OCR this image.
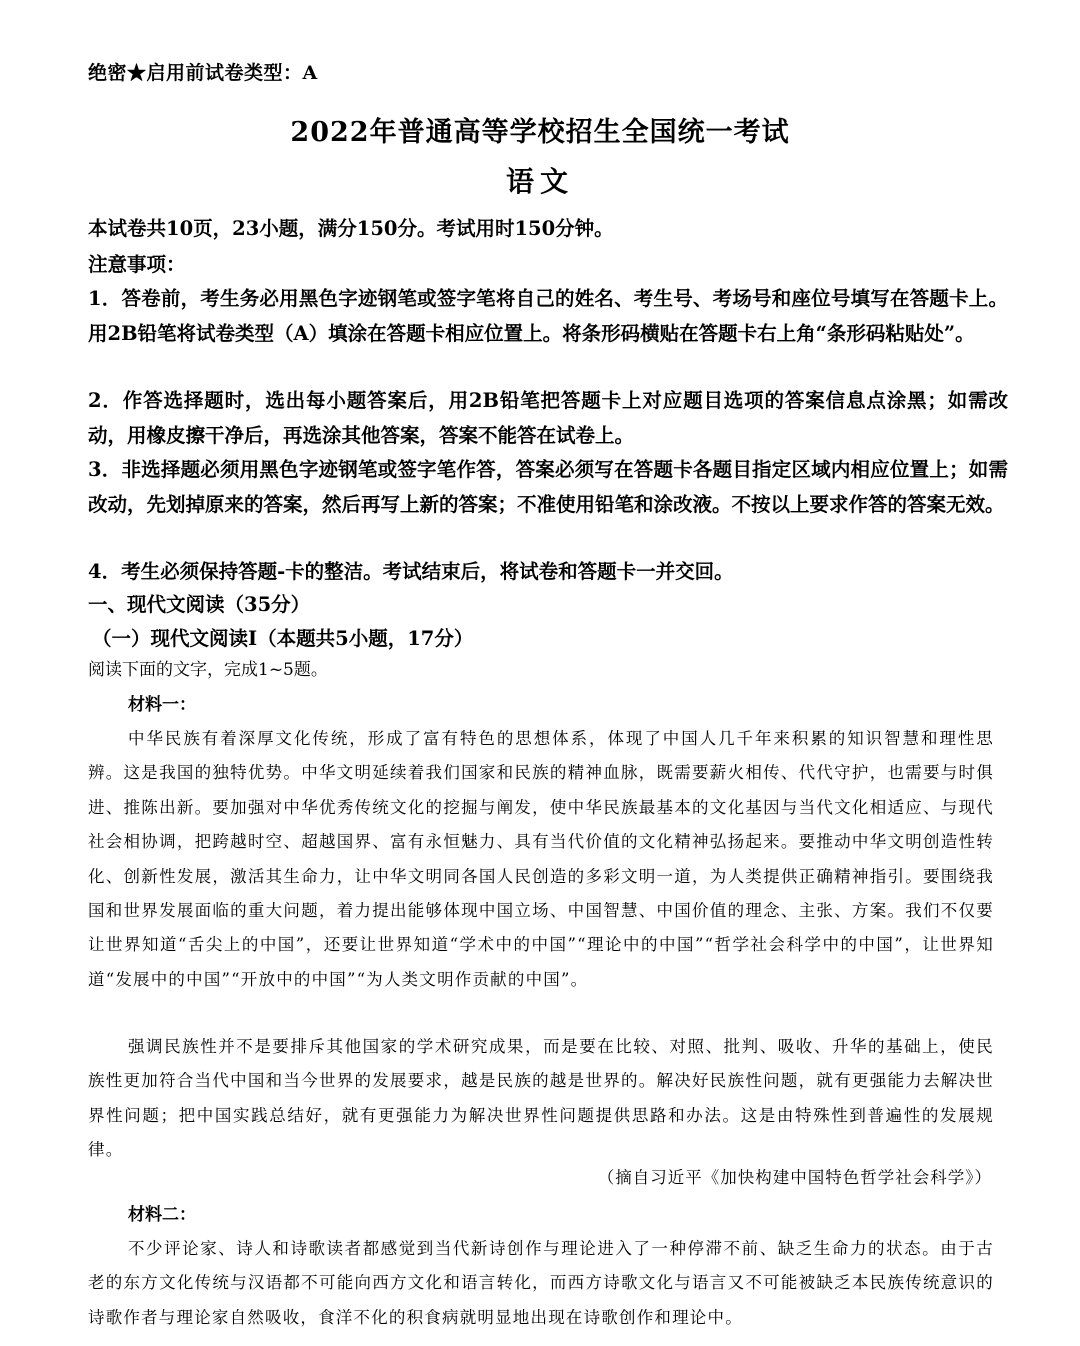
绝密★启用前试卷类型：A
2022年普通高等学校招生全国统一考试
语文
本试卷共10页，23小题，满分150分。考试用时150分钟。
注意事项：
1．答卷前，考生务必用黑色字迹钢笔或签字笔将自己的姓名、考生号、考场号和座位号填写在答题卡上。用2B铅笔将试卷类型（A）填涂在答题卡相应位置上。将条形码横贴在答题卡右上角“条形码粘贴处”。
2．作答选择题时，选出每小题答案后，用2B铅笔把答题卡上对应题目选项的答案信息点涂黑；如需改动，用橡皮擦干净后，再选涂其他答案，答案不能答在试卷上。
3．非选择题必须用黑色字迹钢笔或签字笔作答，答案必须写在答题卡各题目指定区域内相应位置上；如需改动，先划掉原来的答案，然后再写上新的答案；不准使用铅笔和涂改液。不按以上要求作答的答案无效。
4．考生必须保持答题-卡的整洁。考试结束后，将试卷和答题卡一并交回。
一、现代文阅读（35分）
（一）现代文阅读Ⅰ（本题共5小题，17分）
阅读下面的文字，完成1~5题。
材料一：
中华民族有着深厚文化传统，形成了富有特色的思想体系，体现了中国人几千年来积累的知识智慧和理性思辨。这是我国的独特优势。中华文明延续着我们国家和民族的精神血脉，既需要薪火相传、代代守护，也需要与时俱进、推陈出新。要加强对中华优秀传统文化的挖掘与阐发，使中华民族最基本的文化基因与当代文化相适应、与现代社会相协调，把跨越时空、超越国界、富有永恒魅力、具有当代价值的文化精神弘扬起来。要推动中华文明创造性转化、创新性发展，激活其生命力，让中华文明同各国人民创造的多彩文明一道，为人类提供正确精神指引。要围绕我国和世界发展面临的重大问题，着力提出能够体现中国立场、中国智慧、中国价值的理念、主张、方案。我们不仅要让世界知道“舌尖上的中国”，还要让世界知道“学术中的中国”“理论中的中国”“哲学社会科学中的中国”，让世界知道“发展中的中国”“开放中的中国”“为人类文明作贡献的中国”。
强调民族性并不是要排斥其他国家的学术研究成果，而是要在比较、对照、批判、吸收、升华的基础上，使民族性更加符合当代中国和当今世界的发展要求，越是民族的越是世界的。解决好民族性问题，就有更强能力去解决世界性问题；把中国实践总结好，就有更强能力为解决世界性问题提供思路和办法。这是由特殊性到普遍性的发展规律。
（摘自习近平《加快构建中国特色哲学社会科学》）
材料二：
不少评论家、诗人和诗歌读者都感觉到当代新诗创作与理论进入了一种停滞不前、缺乏生命力的状态。由于古老的东方文化传统与汉语都不可能向西方文化和语言转化，而西方诗歌文化与语言又不可能被缺乏本民族传统意识的诗歌作者与理论家自然吸收，食洋不化的积食病就明显地出现在诗歌创作和理论中。
